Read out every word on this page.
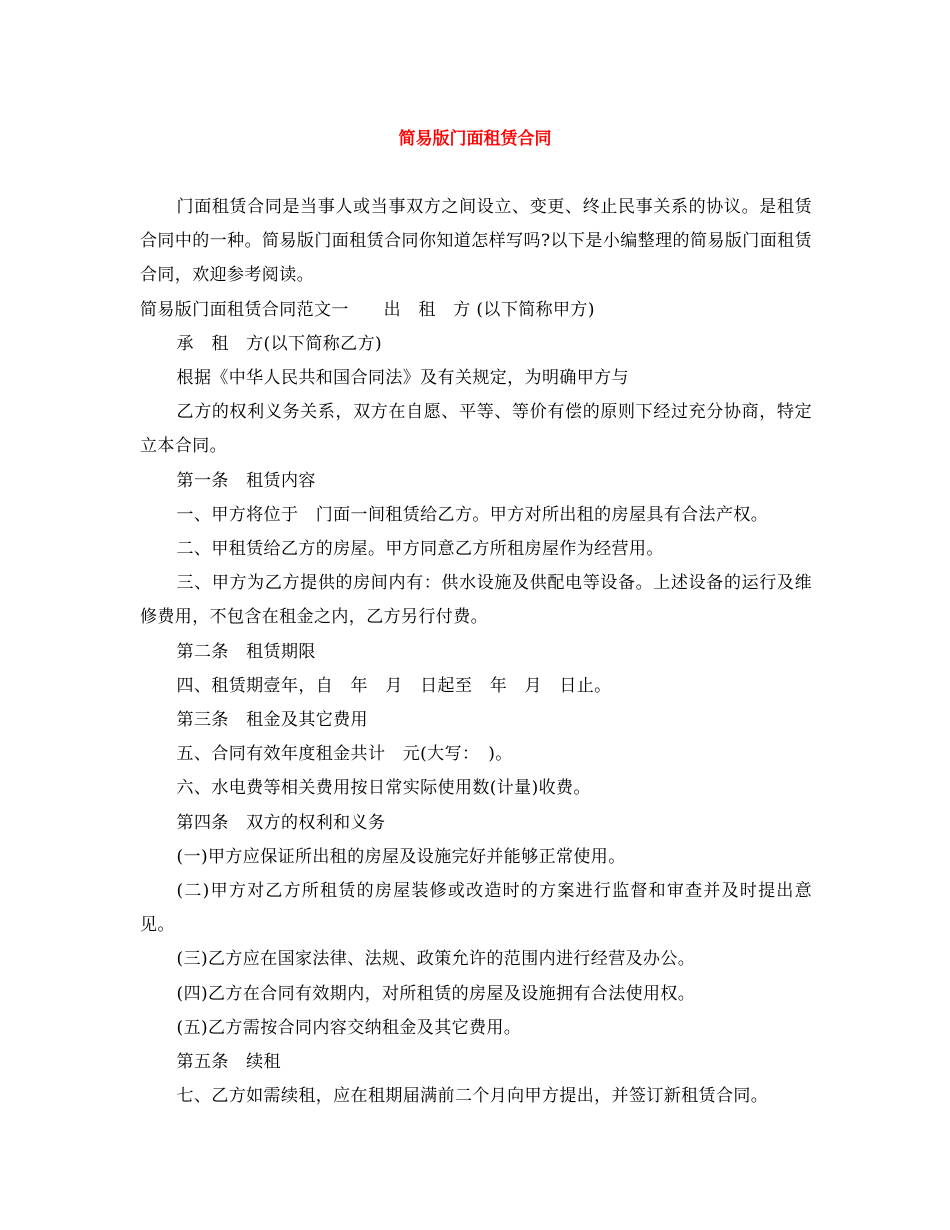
简易版门面租赁合同

门面租赁合同是当事人或当事双方之间设立、变更、终止民事关系的协议。是租赁合同中的一种。简易版门面租赁合同你知道怎样写吗?以下是小编整理的简易版门面租赁合同，欢迎参考阅读。

简易版门面租赁合同范文一　　出　租　方 (以下简称甲方)

承　租　方(以下简称乙方)

根据《中华人民共和国合同法》及有关规定，为明确甲方与

乙方的权利义务关系，双方在自愿、平等、等价有偿的原则下经过充分协商，特定立本合同。

第一条　租赁内容

一、甲方将位于　门面一间租赁给乙方。甲方对所出租的房屋具有合法产权。

二、甲租赁给乙方的房屋。甲方同意乙方所租房屋作为经营用。

三、甲方为乙方提供的房间内有：供水设施及供配电等设备。上述设备的运行及维修费用，不包含在租金之内，乙方另行付费。

第二条　租赁期限

四、租赁期壹年，自　年　月　日起至　年　月　日止。

第三条　租金及其它费用

五、合同有效年度租金共计　元(大写：　)。

六、水电费等相关费用按日常实际使用数(计量)收费。

第四条　双方的权利和义务

(一)甲方应保证所出租的房屋及设施完好并能够正常使用。

(二)甲方对乙方所租赁的房屋装修或改造时的方案进行监督和审查并及时提出意见。

(三)乙方应在国家法律、法规、政策允许的范围内进行经营及办公。

(四)乙方在合同有效期内，对所租赁的房屋及设施拥有合法使用权。

(五)乙方需按合同内容交纳租金及其它费用。

第五条　续租

七、乙方如需续租，应在租期届满前二个月向甲方提出，并签订新租赁合同。
